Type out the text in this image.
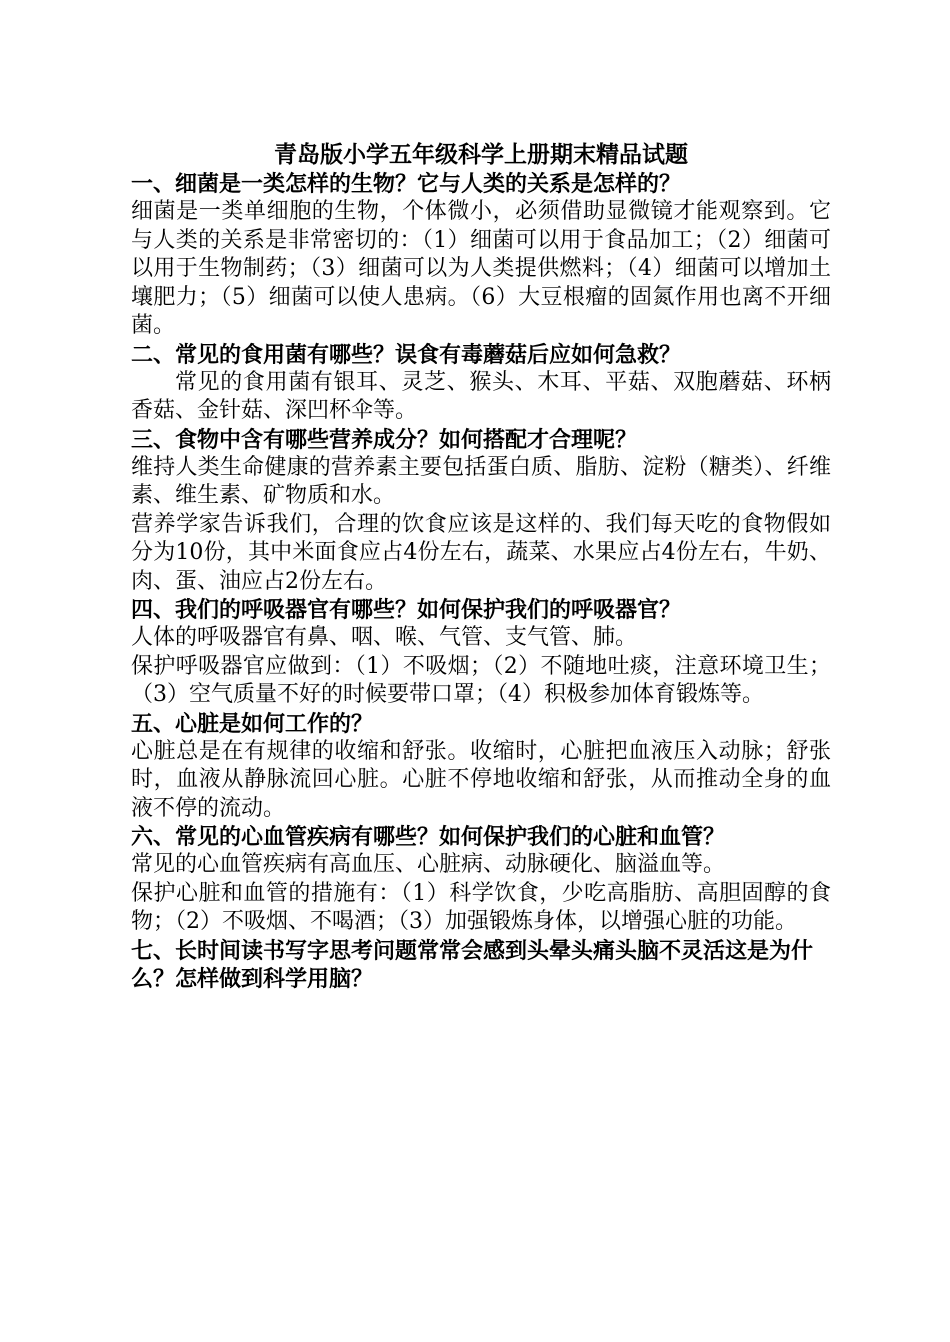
青岛版小学五年级科学上册期末精品试题

一、细菌是一类怎样的生物？它与人类的关系是怎样的？

细菌是一类单细胞的生物，个体微小，必须借助显微镜才能观察到。它与人类的关系是非常密切的：（1）细菌可以用于食品加工；（2）细菌可以用于生物制药；（3）细菌可以为人类提供燃料；（4）细菌可以增加土壤肥力；（5）细菌可以使人患病。（6）大豆根瘤的固氮作用也离不开细菌。

二、常见的食用菌有哪些？误食有毒蘑菇后应如何急救？

常见的食用菌有银耳、灵芝、猴头、木耳、平菇、双胞蘑菇、环柄香菇、金针菇、深凹杯伞等。

三、食物中含有哪些营养成分？如何搭配才合理呢？

维持人类生命健康的营养素主要包括蛋白质、脂肪、淀粉（糖类）、纤维素、维生素、矿物质和水。

营养学家告诉我们，合理的饮食应该是这样的、我们每天吃的食物假如分为10份，其中米面食应占4份左右，蔬菜、水果应占4份左右，牛奶、肉、蛋、油应占2份左右。

四、我们的呼吸器官有哪些？如何保护我们的呼吸器官？

人体的呼吸器官有鼻、咽、喉、气管、支气管、肺。

保护呼吸器官应做到：（1）不吸烟；（2）不随地吐痰，注意环境卫生；（3）空气质量不好的时候要带口罩；（4）积极参加体育锻炼等。

五、心脏是如何工作的？

心脏总是在有规律的收缩和舒张。收缩时，心脏把血液压入动脉；舒张时，血液从静脉流回心脏。心脏不停地收缩和舒张，从而推动全身的血液不停的流动。

六、常见的心血管疾病有哪些？如何保护我们的心脏和血管？

常见的心血管疾病有高血压、心脏病、动脉硬化、脑溢血等。

保护心脏和血管的措施有：（1）科学饮食，少吃高脂肪、高胆固醇的食物；（2）不吸烟、不喝酒；（3）加强锻炼身体，以增强心脏的功能。

七、长时间读书写字思考问题常常会感到头晕头痛头脑不灵活这是为什么？怎样做到科学用脑？
